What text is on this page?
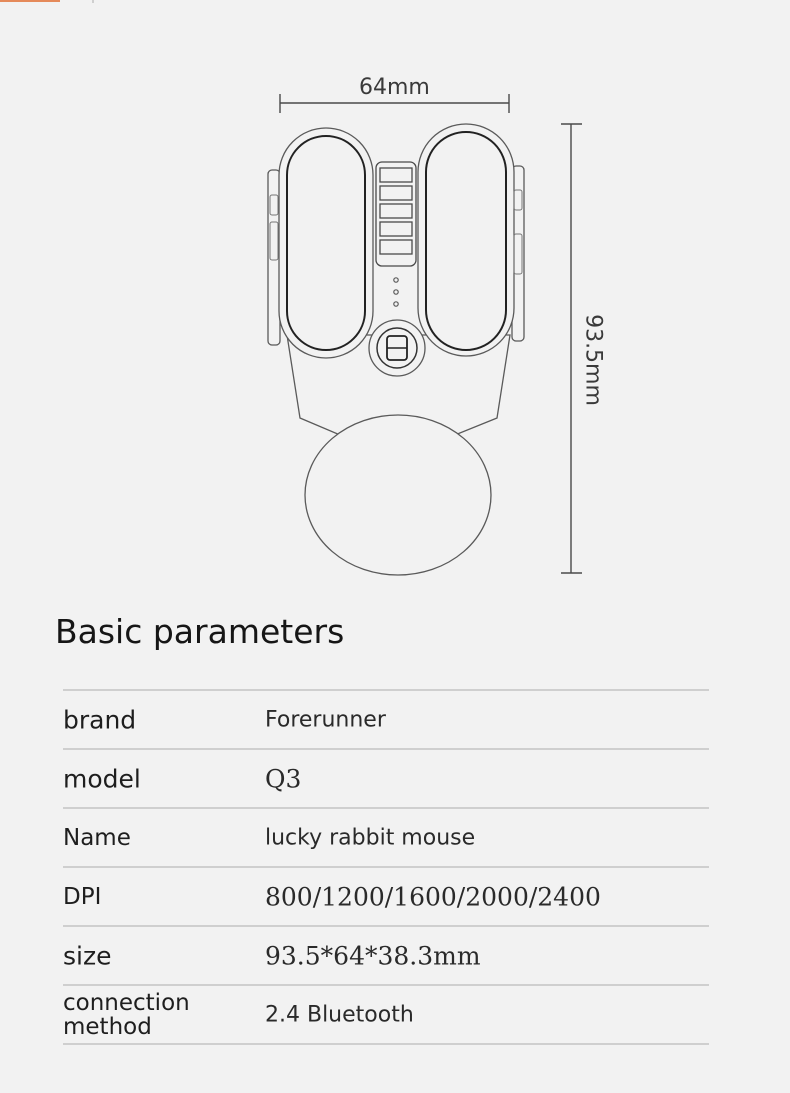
64mm
93.5mm
Basic parameters
brand	Forerunner
model	Q3
Name	lucky rabbit mouse
DPI	800/1200/1600/2000/2400
size	93.5*64*38.3mm
connection method	2.4 Bluetooth
